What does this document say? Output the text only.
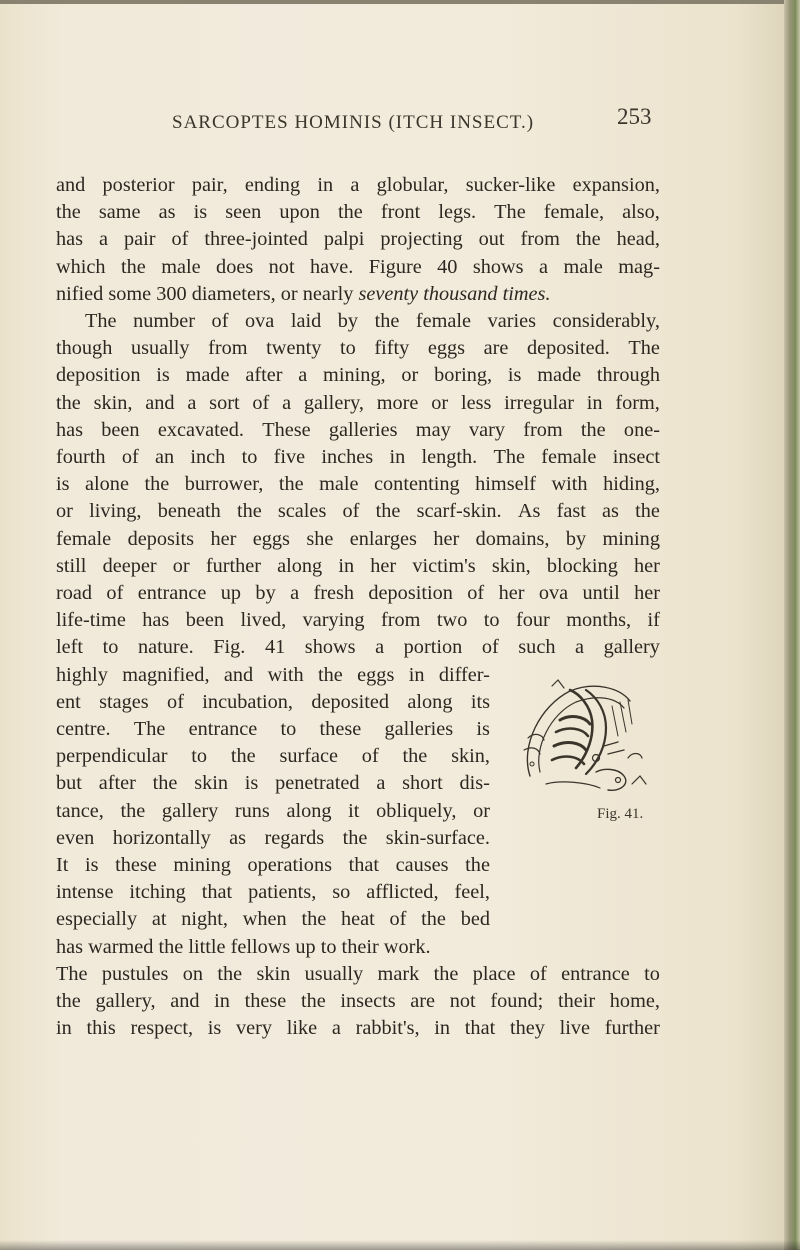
SARCOPTES HOMINIS (ITCH INSECT.)	253
and posterior pair, ending in a globular, sucker-like expansion,
the same as is seen upon the front legs. The female, also,
has a pair of three-jointed palpi projecting out from the head,
which the male does not have. Figure 40 shows a male mag-
nified some 300 diameters, or nearly
seventy thousand times.
The number of ova laid by the female varies considerably,
though usually from twenty to fifty eggs are deposited. The
deposition is made after a mining, or boring, is made through
the skin, and a sort of a gallery, more or less irregular in form,
has been excavated. These galleries may vary from the one-
fourth of an inch to five inches in length. The female insect
is alone the burrower, the male contenting himself with hiding,
or living, beneath the scales of the scarf-skin. As fast as the
female deposits her eggs she enlarges her domains, by mining
still deeper or further along in her victim's skin, blocking her
road of entrance up by a fresh deposition of her ova until her
life-time has been lived, varying from two to four months, if
left to nature. Fig. 41 shows a portion of such a gallery
highly magnified, and with the eggs in differ-
ent stages of incubation, deposited along its
centre. The entrance to these galleries is
perpendicular to the surface of the skin,
but after the skin is penetrated a short dis-
tance, the gallery runs along it obliquely, or
even horizontally as regards the skin-surface.
It is these mining operations that causes the
intense itching that patients, so afflicted, feel,
especially at night, when the heat of the bed
has warmed the little fellows up to their work.
The pustules on the skin usually mark the place of entrance to
the gallery, and in these the insects are not found; their home,
in this respect, is very like a rabbit's, in that they live further
Fig. 41.
